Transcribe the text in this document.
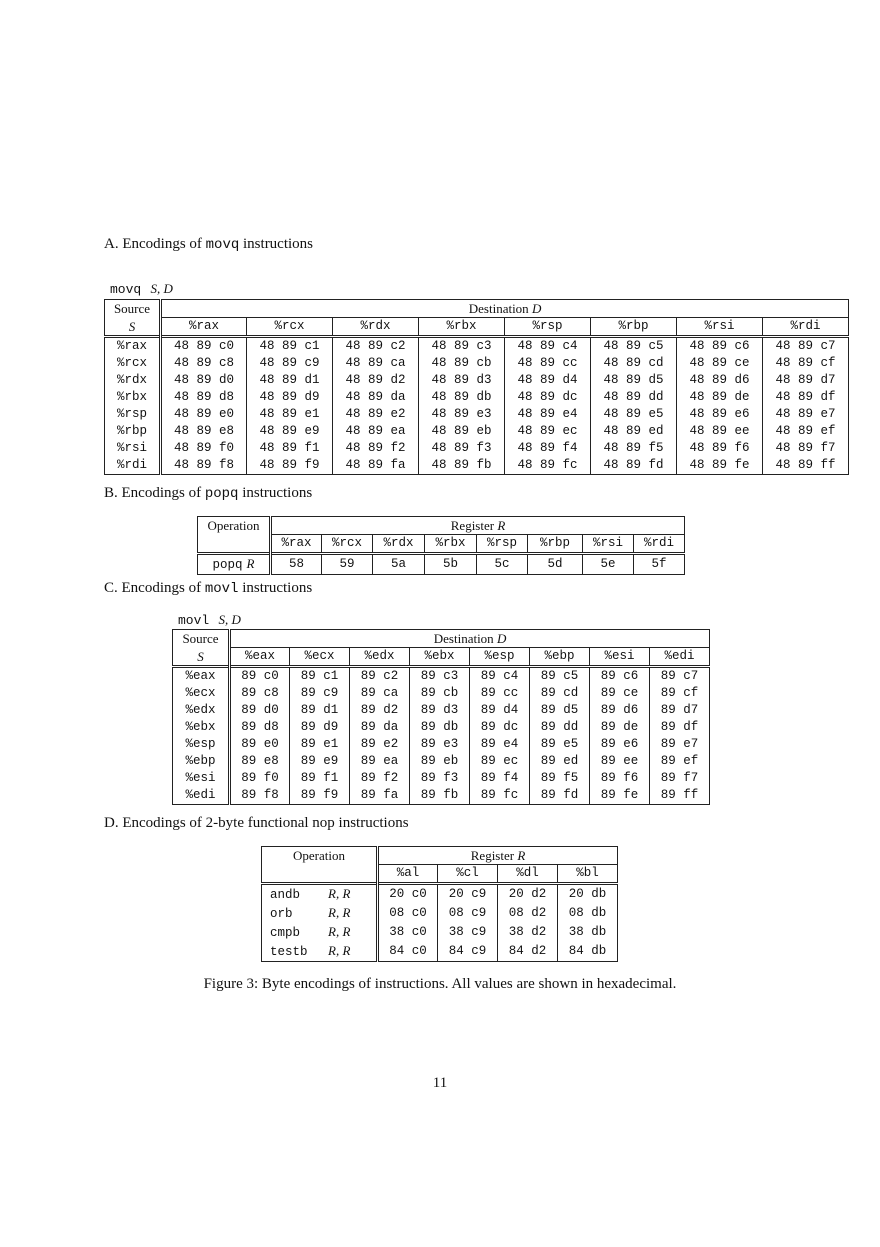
A. Encodings of movq instructions
movq S, D
Source	Destination D							
S	%rax	%rcx	%rdx	%rbx	%rsp	%rbp	%rsi	%rdi
%rax	48 89 c0	48 89 c1	48 89 c2	48 89 c3	48 89 c4	48 89 c5	48 89 c6	48 89 c7
%rcx	48 89 c8	48 89 c9	48 89 ca	48 89 cb	48 89 cc	48 89 cd	48 89 ce	48 89 cf
%rdx	48 89 d0	48 89 d1	48 89 d2	48 89 d3	48 89 d4	48 89 d5	48 89 d6	48 89 d7
%rbx	48 89 d8	48 89 d9	48 89 da	48 89 db	48 89 dc	48 89 dd	48 89 de	48 89 df
%rsp	48 89 e0	48 89 e1	48 89 e2	48 89 e3	48 89 e4	48 89 e5	48 89 e6	48 89 e7
%rbp	48 89 e8	48 89 e9	48 89 ea	48 89 eb	48 89 ec	48 89 ed	48 89 ee	48 89 ef
%rsi	48 89 f0	48 89 f1	48 89 f2	48 89 f3	48 89 f4	48 89 f5	48 89 f6	48 89 f7
%rdi	48 89 f8	48 89 f9	48 89 fa	48 89 fb	48 89 fc	48 89 fd	48 89 fe	48 89 ff
B. Encodings of popq instructions
Operation	Register R							
	%rax	%rcx	%rdx	%rbx	%rsp	%rbp	%rsi	%rdi
popq R	58	59	5a	5b	5c	5d	5e	5f
C. Encodings of movl instructions
movl S, D
Source	Destination D							
S	%eax	%ecx	%edx	%ebx	%esp	%ebp	%esi	%edi
%eax	89 c0	89 c1	89 c2	89 c3	89 c4	89 c5	89 c6	89 c7
%ecx	89 c8	89 c9	89 ca	89 cb	89 cc	89 cd	89 ce	89 cf
%edx	89 d0	89 d1	89 d2	89 d3	89 d4	89 d5	89 d6	89 d7
%ebx	89 d8	89 d9	89 da	89 db	89 dc	89 dd	89 de	89 df
%esp	89 e0	89 e1	89 e2	89 e3	89 e4	89 e5	89 e6	89 e7
%ebp	89 e8	89 e9	89 ea	89 eb	89 ec	89 ed	89 ee	89 ef
%esi	89 f0	89 f1	89 f2	89 f3	89 f4	89 f5	89 f6	89 f7
%edi	89 f8	89 f9	89 fa	89 fb	89 fc	89 fd	89 fe	89 ff
D. Encodings of 2-byte functional nop instructions
Operation	Register R			
	%al	%cl	%dl	%bl
andb R, R	20 c0	20 c9	20 d2	20 db
orb R, R	08 c0	08 c9	08 d2	08 db
cmpb R, R	38 c0	38 c9	38 d2	38 db
testb R, R	84 c0	84 c9	84 d2	84 db
Figure 3: Byte encodings of instructions. All values are shown in hexadecimal.
11
